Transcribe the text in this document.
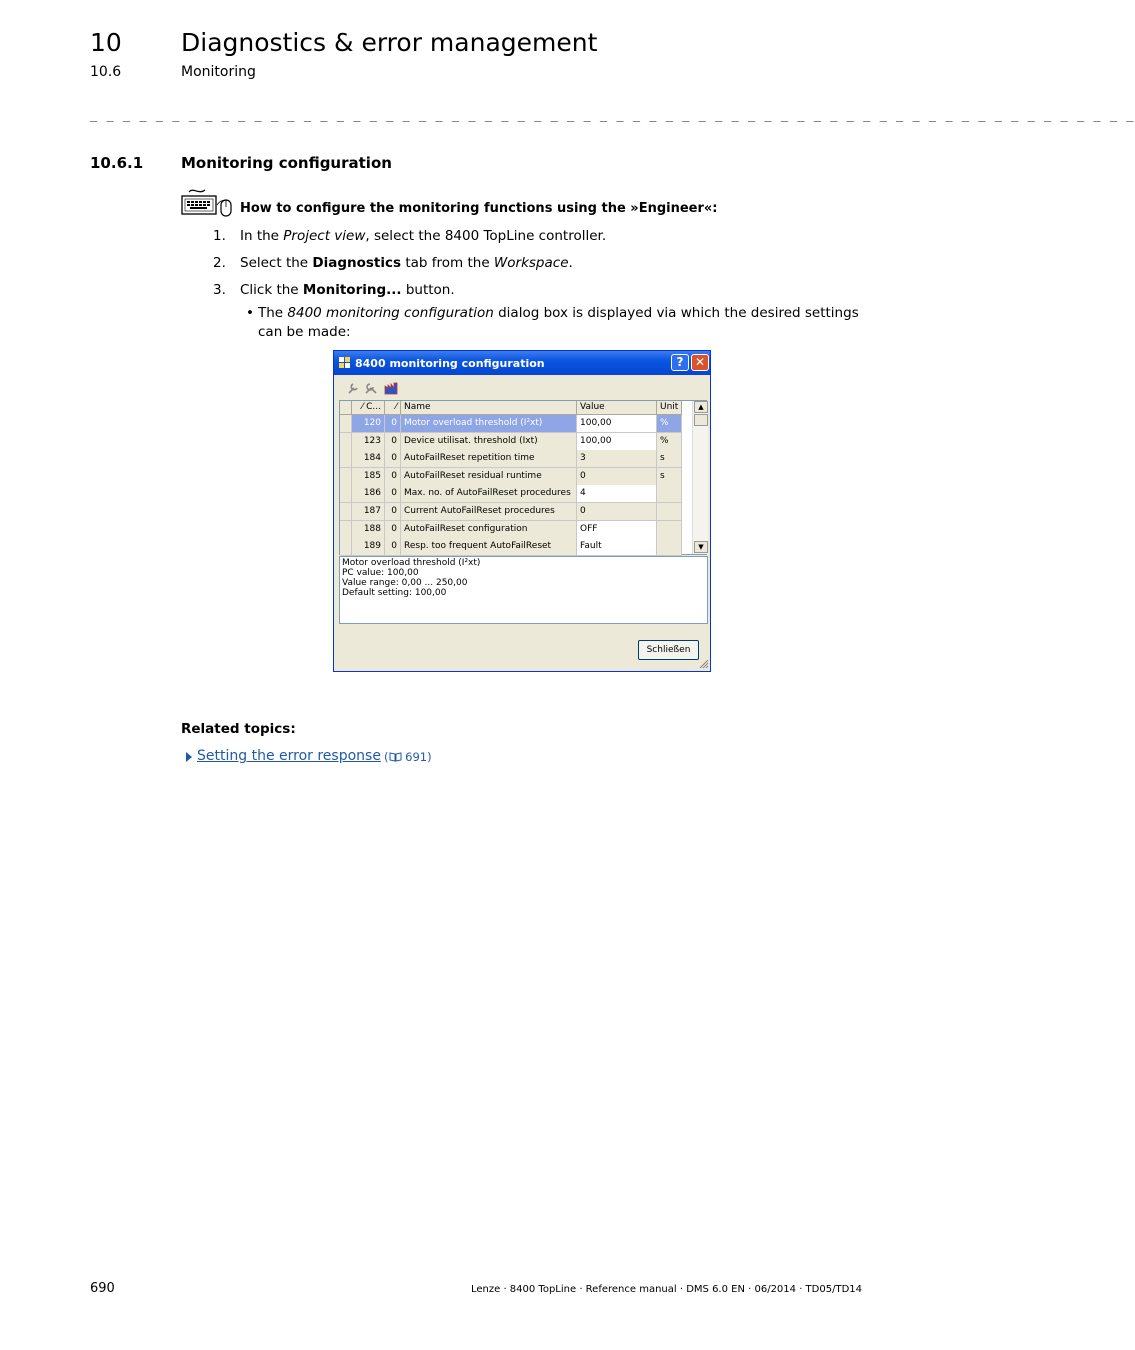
10 Diagnostics & error management
10.6	Monitoring
_ _ _ _ _ _ _ _ _ _ _ _ _ _ _ _ _ _ _ _ _ _ _ _ _ _ _ _ _ _ _ _ _ _ _ _ _ _ _ _ _ _ _ _ _ _ _ _ _ _ _ _ _ _ _ _ _ _ _ _ _ _ _ _
10.6.1	Monitoring configuration
How to configure the monitoring functions using the »Engineer«:
1. In the Project view, select the 8400 TopLine controller.
2. Select the Diagnostics tab from the Workspace.
3. Click the Monitoring... button.
• The 8400 monitoring configuration dialog box is displayed via which the desired settings can be made:
8400 monitoring configuration	? ✕
⁄ C...	⁄ Name	Value	Unit
120	0 Motor overload threshold (I²xt)	100,00	%
123	0 Device utilisat. threshold (Ixt)	100,00	%
184	0 AutoFailReset repetition time	3	s
185	0 AutoFailReset residual runtime	0	s
186	0 Max. no. of AutoFailReset procedures	4
187	0 Current AutoFailReset procedures	0
188	0 AutoFailReset configuration	OFF
189	0 Resp. too frequent AutoFailReset	Fault
▲
▼
Motor overload threshold (I²xt)
PC value: 100,00
Value range: 0,00 ... 250,00
Default setting: 100,00
Schließen
Related topics:
Setting the error response ( 691)
690	Lenze · 8400 TopLine · Reference manual · DMS 6.0 EN · 06/2014 · TD05/TD14
